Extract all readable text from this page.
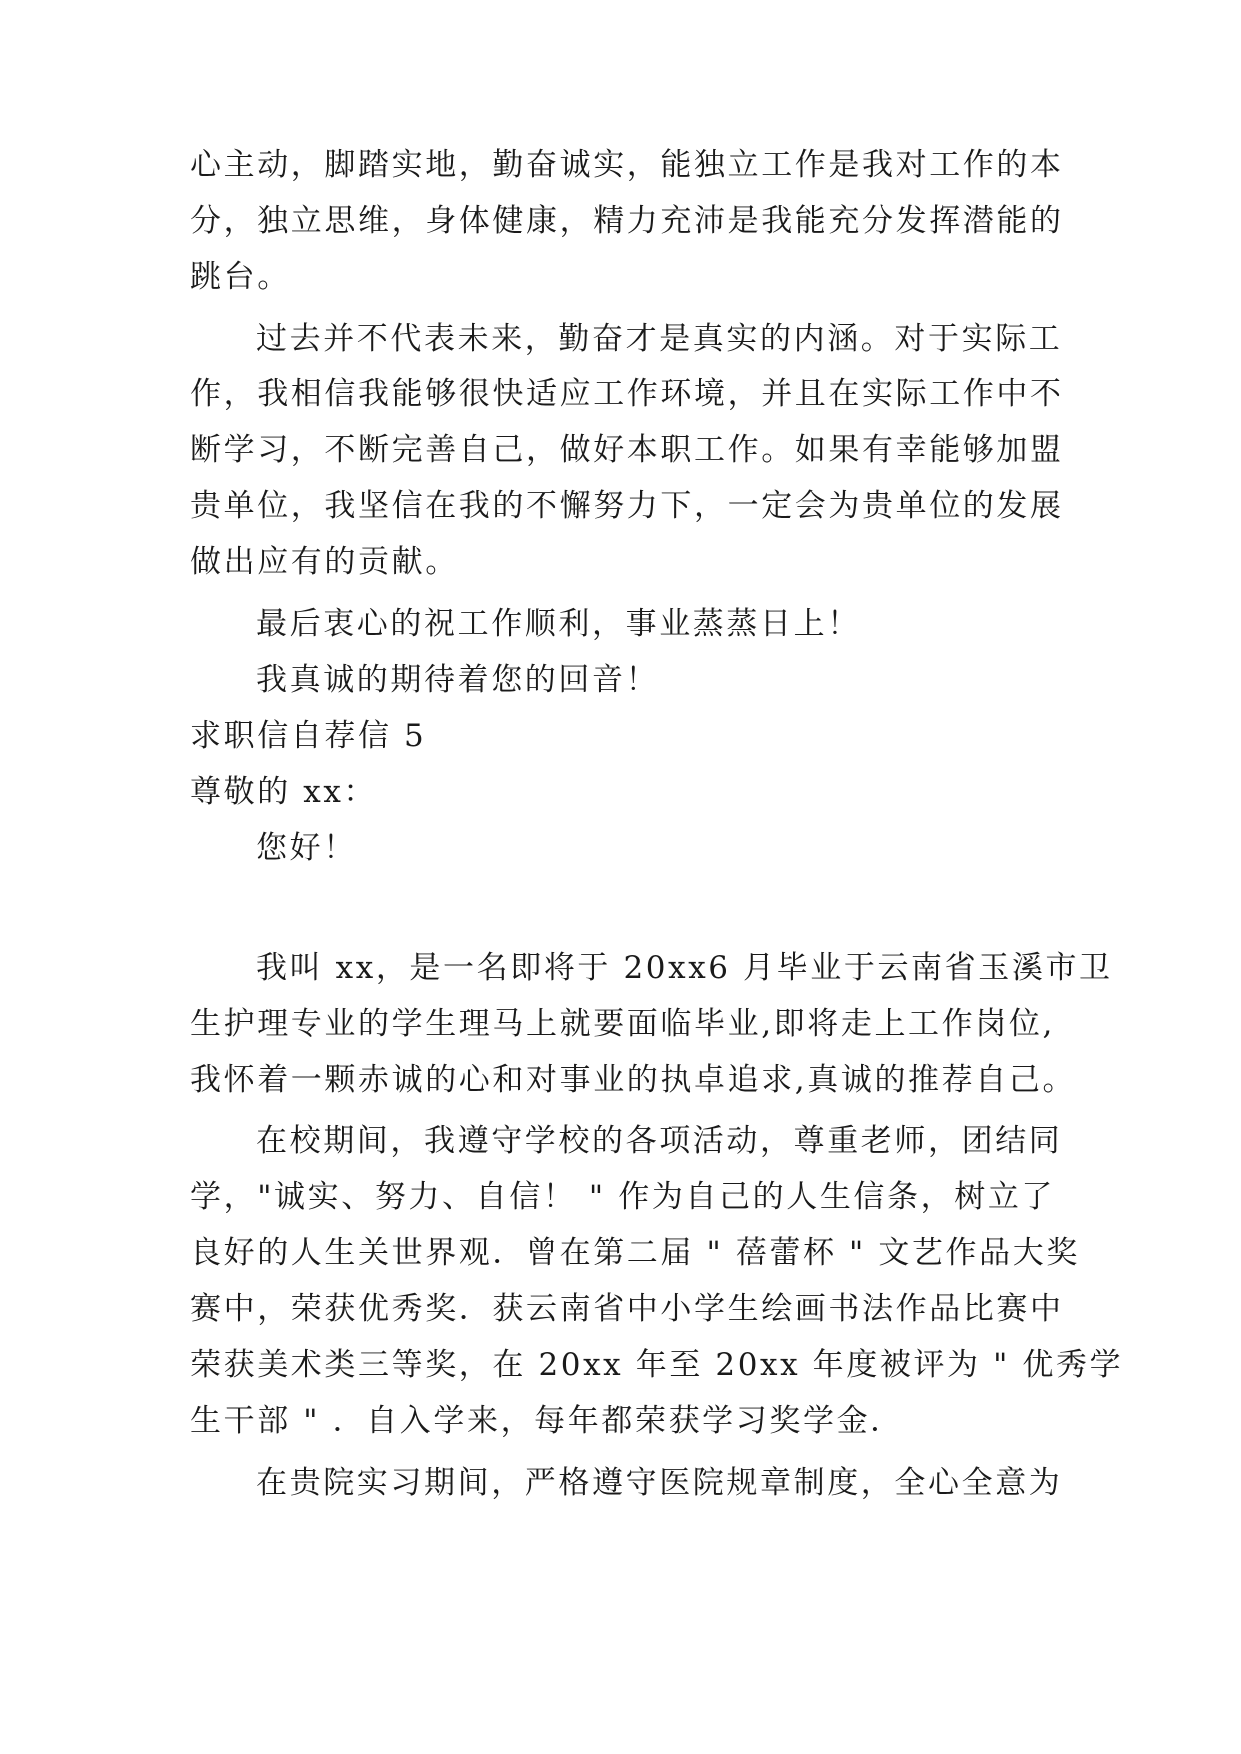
心主动，脚踏实地，勤奋诚实，能独立工作是我对工作的本
分，独立思维，身体健康，精力充沛是我能充分发挥潜能的
跳台。
过去并不代表未来，勤奋才是真实的内涵。对于实际工
作，我相信我能够很快适应工作环境，并且在实际工作中不
断学习，不断完善自己，做好本职工作。如果有幸能够加盟
贵单位，我坚信在我的不懈努力下，一定会为贵单位的发展
做出应有的贡献。
最后衷心的祝工作顺利，事业蒸蒸日上！
我真诚的期待着您的回音！
求职信自荐信 5
尊敬的 xx：
您好！
我叫 xx，是一名即将于 20xx6 月毕业于云南省玉溪市卫
生护理专业的学生理马上就要面临毕业,即将走上工作岗位,
我怀着一颗赤诚的心和对事业的执卓追求,真诚的推荐自己。
在校期间，我遵守学校的各项活动，尊重老师，团结同
学，"诚实、努力、自信！ " 作为自己的人生信条，树立了
良好的人生关世界观．曾在第二届 " 蓓蕾杯 " 文艺作品大奖
赛中，荣获优秀奖．获云南省中小学生绘画书法作品比赛中
荣获美术类三等奖，在 20xx 年至 20xx 年度被评为 " 优秀学
生干部 " ．自入学来，每年都荣获学习奖学金．
在贵院实习期间，严格遵守医院规章制度，全心全意为
